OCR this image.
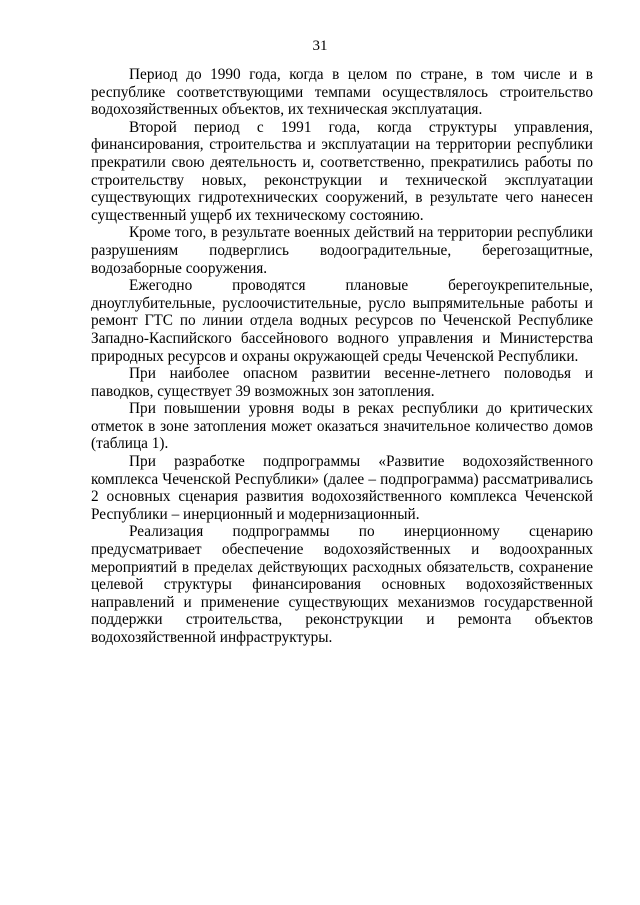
31

Период до 1990 года, когда в целом по стране, в том числе и в республике соответствующими темпами осуществлялось строительство водохозяйственных объектов, их техническая эксплуатация.

Второй период с 1991 года, когда структуры управления, финансирования, строительства и эксплуатации на территории республики прекратили свою деятельность и, соответственно, прекратились работы по строительству новых, реконструкции и технической эксплуатации существующих гидротехнических сооружений, в результате чего нанесен существенный ущерб их техническому состоянию.

Кроме того, в результате военных действий на территории республики разрушениям подверглись водооградительные, берегозащитные, водозаборные сооружения.

Ежегодно проводятся плановые берегоукрепительные, дноуглубительные, руслоочистительные, русло выпрямительные работы и ремонт ГТС по линии отдела водных ресурсов по Чеченской Республике Западно-Каспийского бассейнового водного управления и Министерства природных ресурсов и охраны окружающей среды Чеченской Республики.

При наиболее опасном развитии весенне-летнего половодья и паводков, существует 39 возможных зон затопления.

При повышении уровня воды в реках республики до критических отметок в зоне затопления может оказаться значительное количество домов (таблица 1).

При разработке подпрограммы «Развитие водохозяйственного комплекса Чеченской Республики» (далее – подпрограмма) рассматривались 2 основных сценария развития водохозяйственного комплекса Чеченской Республики – инерционный и модернизационный.

Реализация подпрограммы по инерционному сценарию предусматривает обеспечение водохозяйственных и водоохранных мероприятий в пределах действующих расходных обязательств, сохранение целевой структуры финансирования основных водохозяйственных направлений и применение существующих механизмов государственной поддержки строительства, реконструкции и ремонта объектов водохозяйственной инфраструктуры.
